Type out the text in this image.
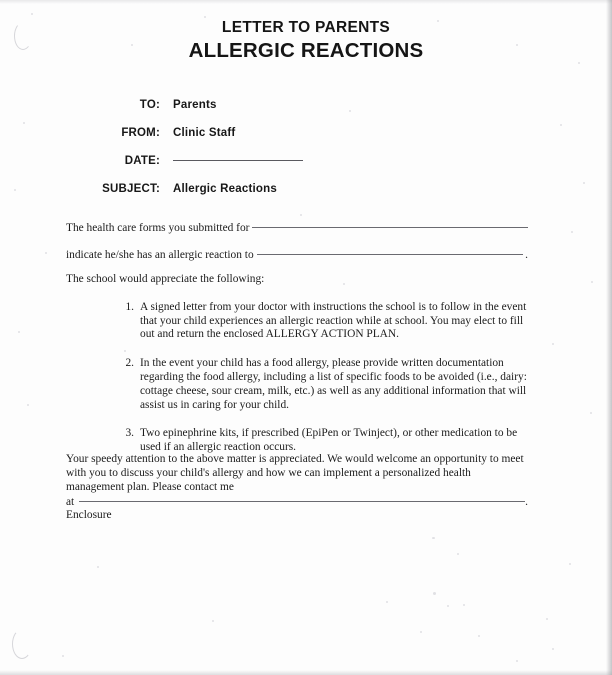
LETTER TO PARENTS
ALLERGIC REACTIONS
TO: Parents
FROM: Clinic Staff
DATE:
SUBJECT: Allergic Reactions
The health care forms you submitted for
indicate he/she has an allergic reaction to	.
The school would appreciate the following:
1. A signed letter from your doctor with instructions the school is to follow in the event that your child experiences an allergic reaction while at school. You may elect to fill out and return the enclosed ALLERGY ACTION PLAN.
2. In the event your child has a food allergy, please provide written documentation regarding the food allergy, including a list of specific foods to be avoided (i.e., dairy: cottage cheese, sour cream, milk, etc.) as well as any additional information that will assist us in caring for your child.
3. Two epinephrine kits, if prescribed (EpiPen or Twinject), or other medication to be used if an allergic reaction occurs.

Your speedy attention to the above matter is appreciated. We would welcome an opportunity to meet with you to discuss your child's allergy and how we can implement a personalized health management plan. Please contact me

at	.
Enclosure
